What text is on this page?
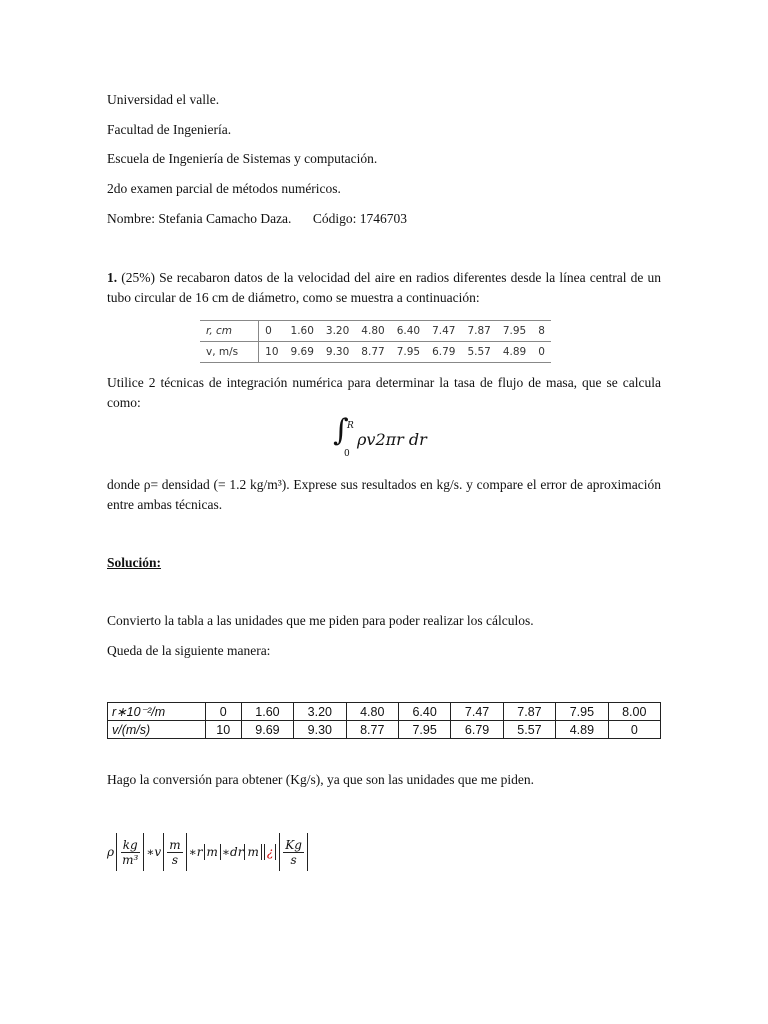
Universidad el valle.
Facultad de Ingeniería.
Escuela de Ingeniería de Sistemas y computación.
2do examen parcial de métodos numéricos.
Nombre: Stefania Camacho Daza. Código: 1746703
1. (25%) Se recabaron datos de la velocidad del aire en radios diferentes desde la línea central de un tubo circular de 16 cm de diámetro, como se muestra a continuación:
r, cm	0	1.60	3.20	4.80	6.40	7.47	7.87	7.95	8
v, m/s	10	9.69	9.30	8.77	7.95	6.79	5.57	4.89	0
Utilice 2 técnicas de integración numérica para determinar la tasa de flujo de masa, que se calcula como:
∫
R
0
ρv2πr dr
donde ρ= densidad (= 1.2 kg/m³). Exprese sus resultados en kg/s. y compare el error de aproximación entre ambas técnicas.
Solución:
Convierto la tabla a las unidades que me piden para poder realizar los cálculos.
Queda de la siguiente manera:
r∗10⁻²/m	0	1.60	3.20	4.80	6.40	7.47	7.87	7.95	8.00
v/(m/s)	10	9.69	9.30	8.77	7.95	6.79	5.57	4.89	0
Hago la conversión para obtener (Kg/s), ya que son las unidades que me piden.
ρ $\frac{kg}{\text{m³}}$ ∗v $\frac{m}{s}$ ∗r m ∗dr m ¿ $\frac{Kg}{s}$
